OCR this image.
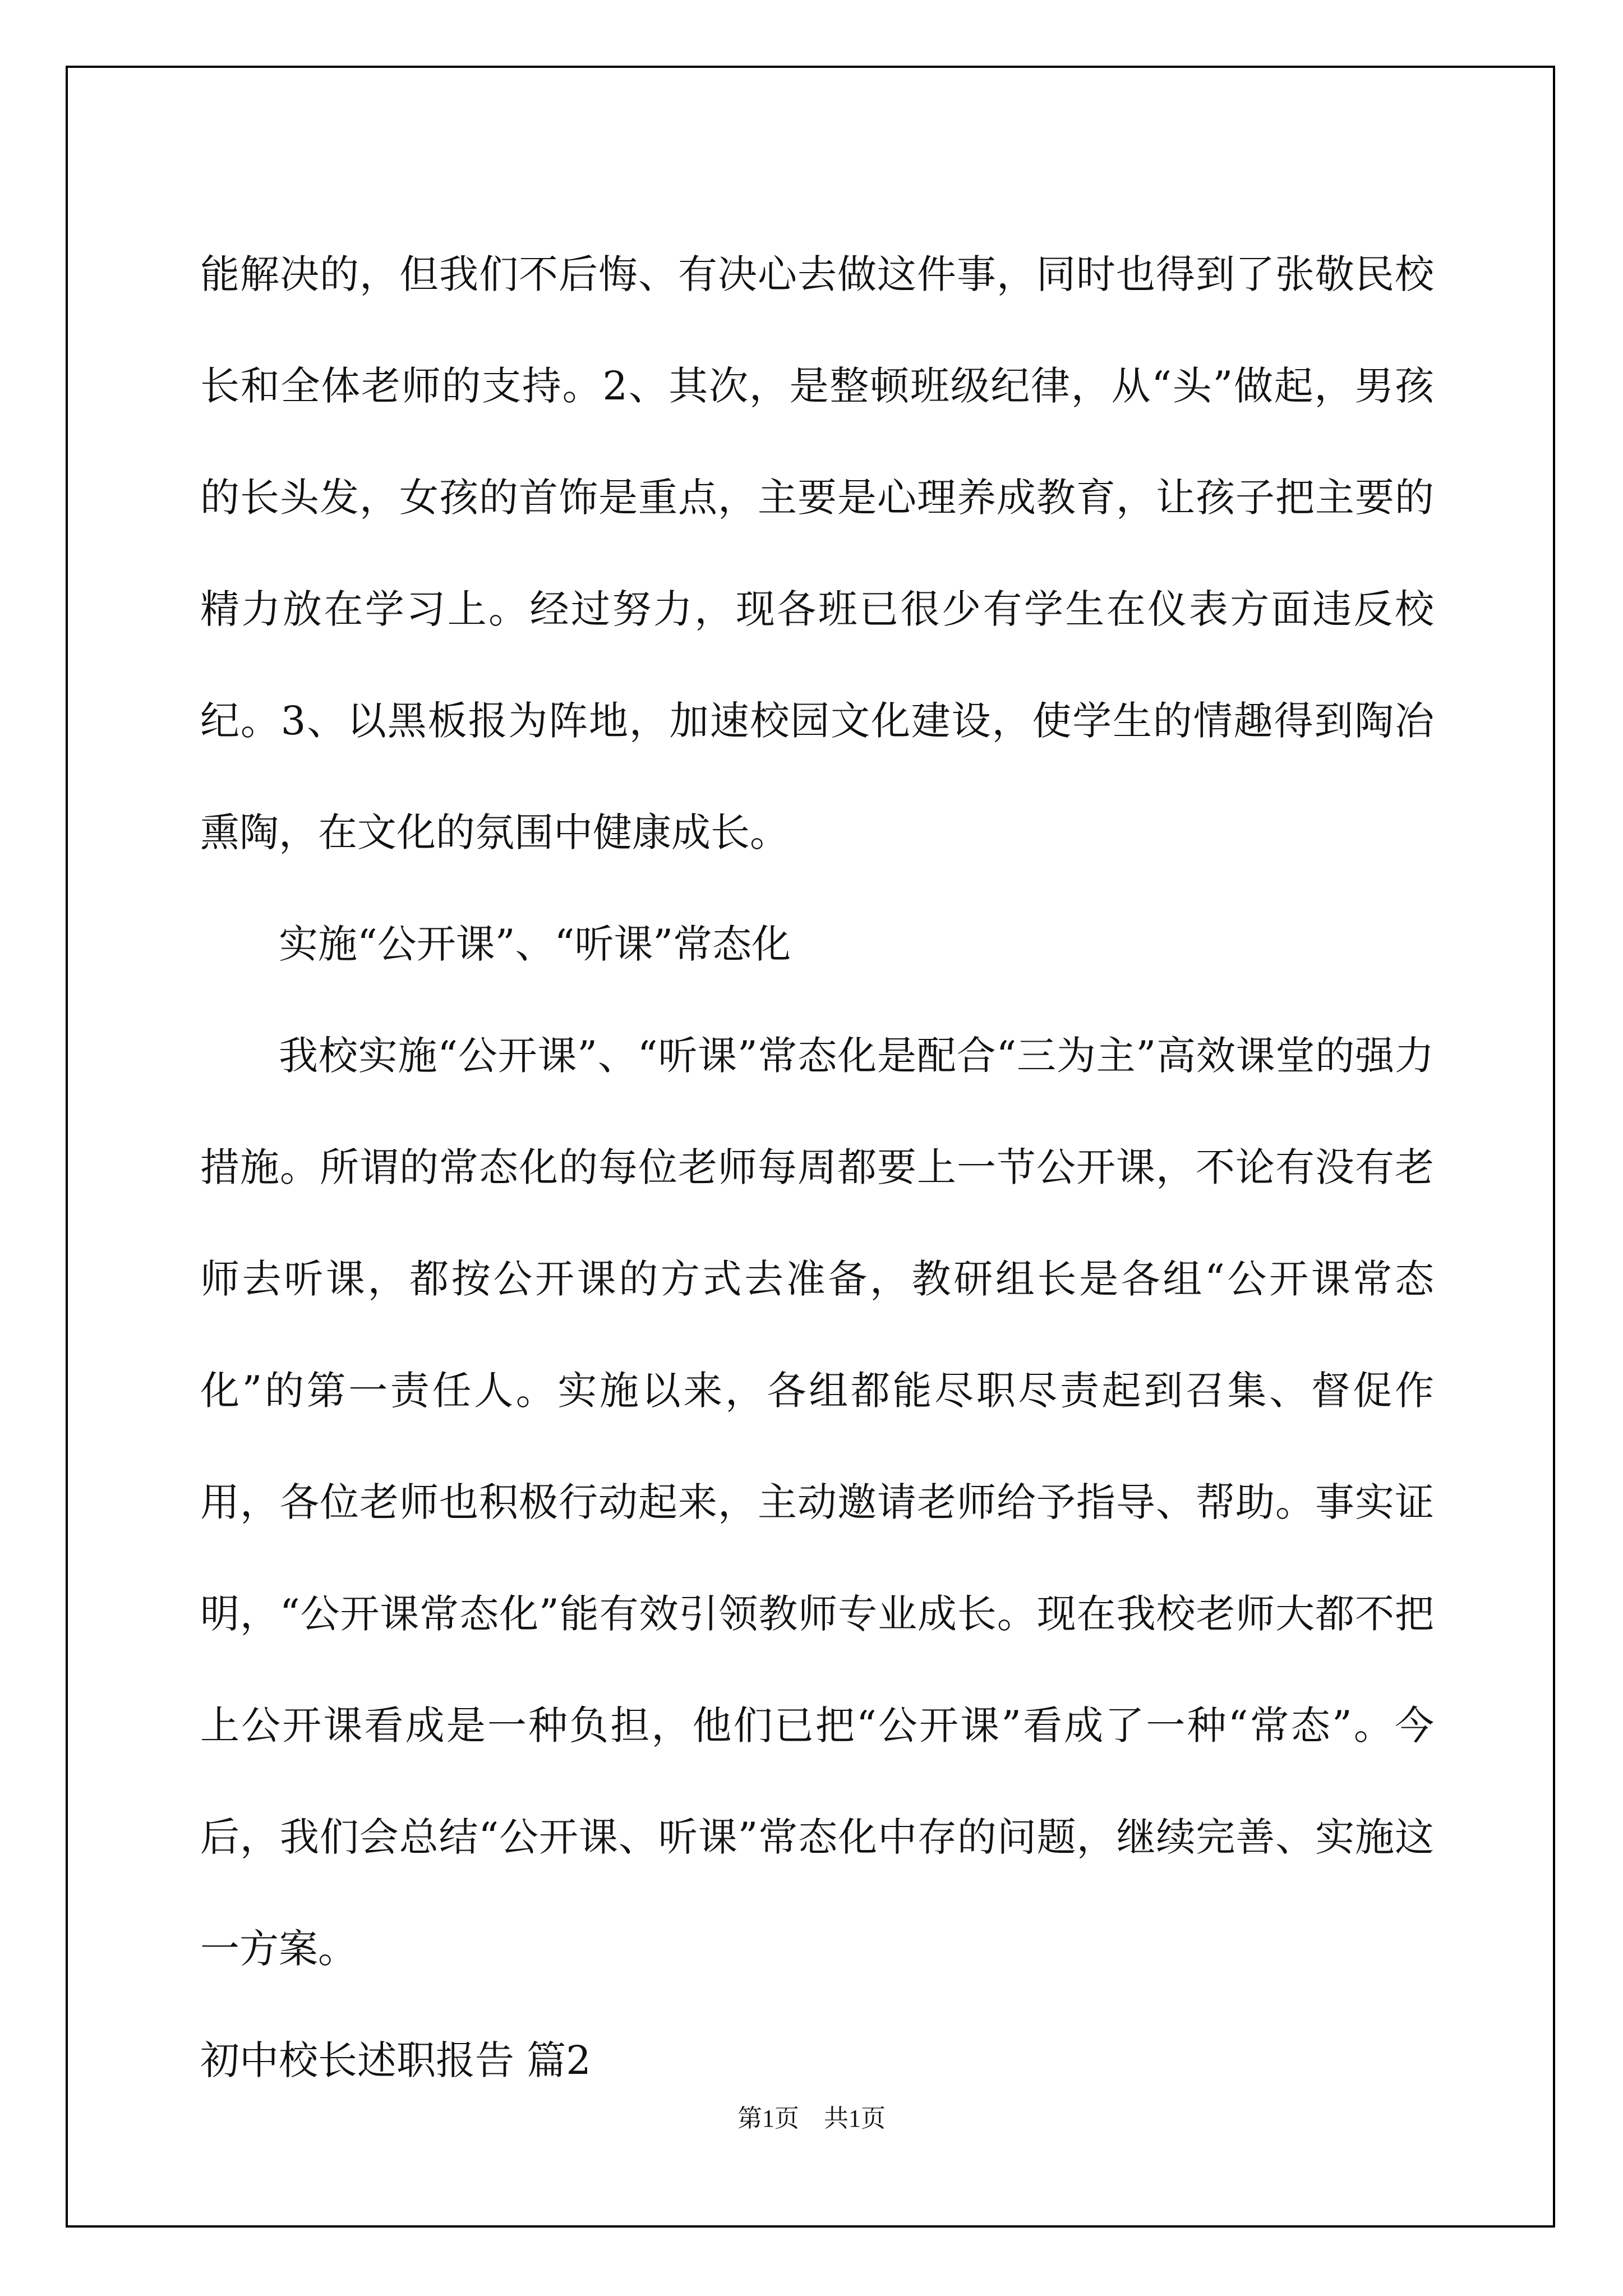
能解决的，但我们不后悔、有决心去做这件事，同时也得到了张敬民校长和全体老师的支持。2、其次，是整顿班级纪律，从“头”做起，男孩的长头发，女孩的首饰是重点，主要是心理养成教育，让孩子把主要的精力放在学习上。经过努力，现各班已很少有学生在仪表方面违反校纪。3、以黑板报为阵地，加速校园文化建设，使学生的情趣得到陶冶熏陶，在文化的氛围中健康成长。

实施“公开课”、“听课”常态化

我校实施“公开课”、“听课”常态化是配合“三为主”高效课堂的强力措施。所谓的常态化的每位老师每周都要上一节公开课，不论有没有老师去听课，都按公开课的方式去准备，教研组长是各组“公开课常态化”的第一责任人。实施以来，各组都能尽职尽责起到召集、督促作用，各位老师也积极行动起来，主动邀请老师给予指导、帮助。事实证明，“公开课常态化”能有效引领教师专业成长。现在我校老师大都不把上公开课看成是一种负担，他们已把“公开课”看成了一种“常态”。今后，我们会总结“公开课、听课”常态化中存的问题，继续完善、实施这一方案。

初中校长述职报告 篇2

第1页　共1页
